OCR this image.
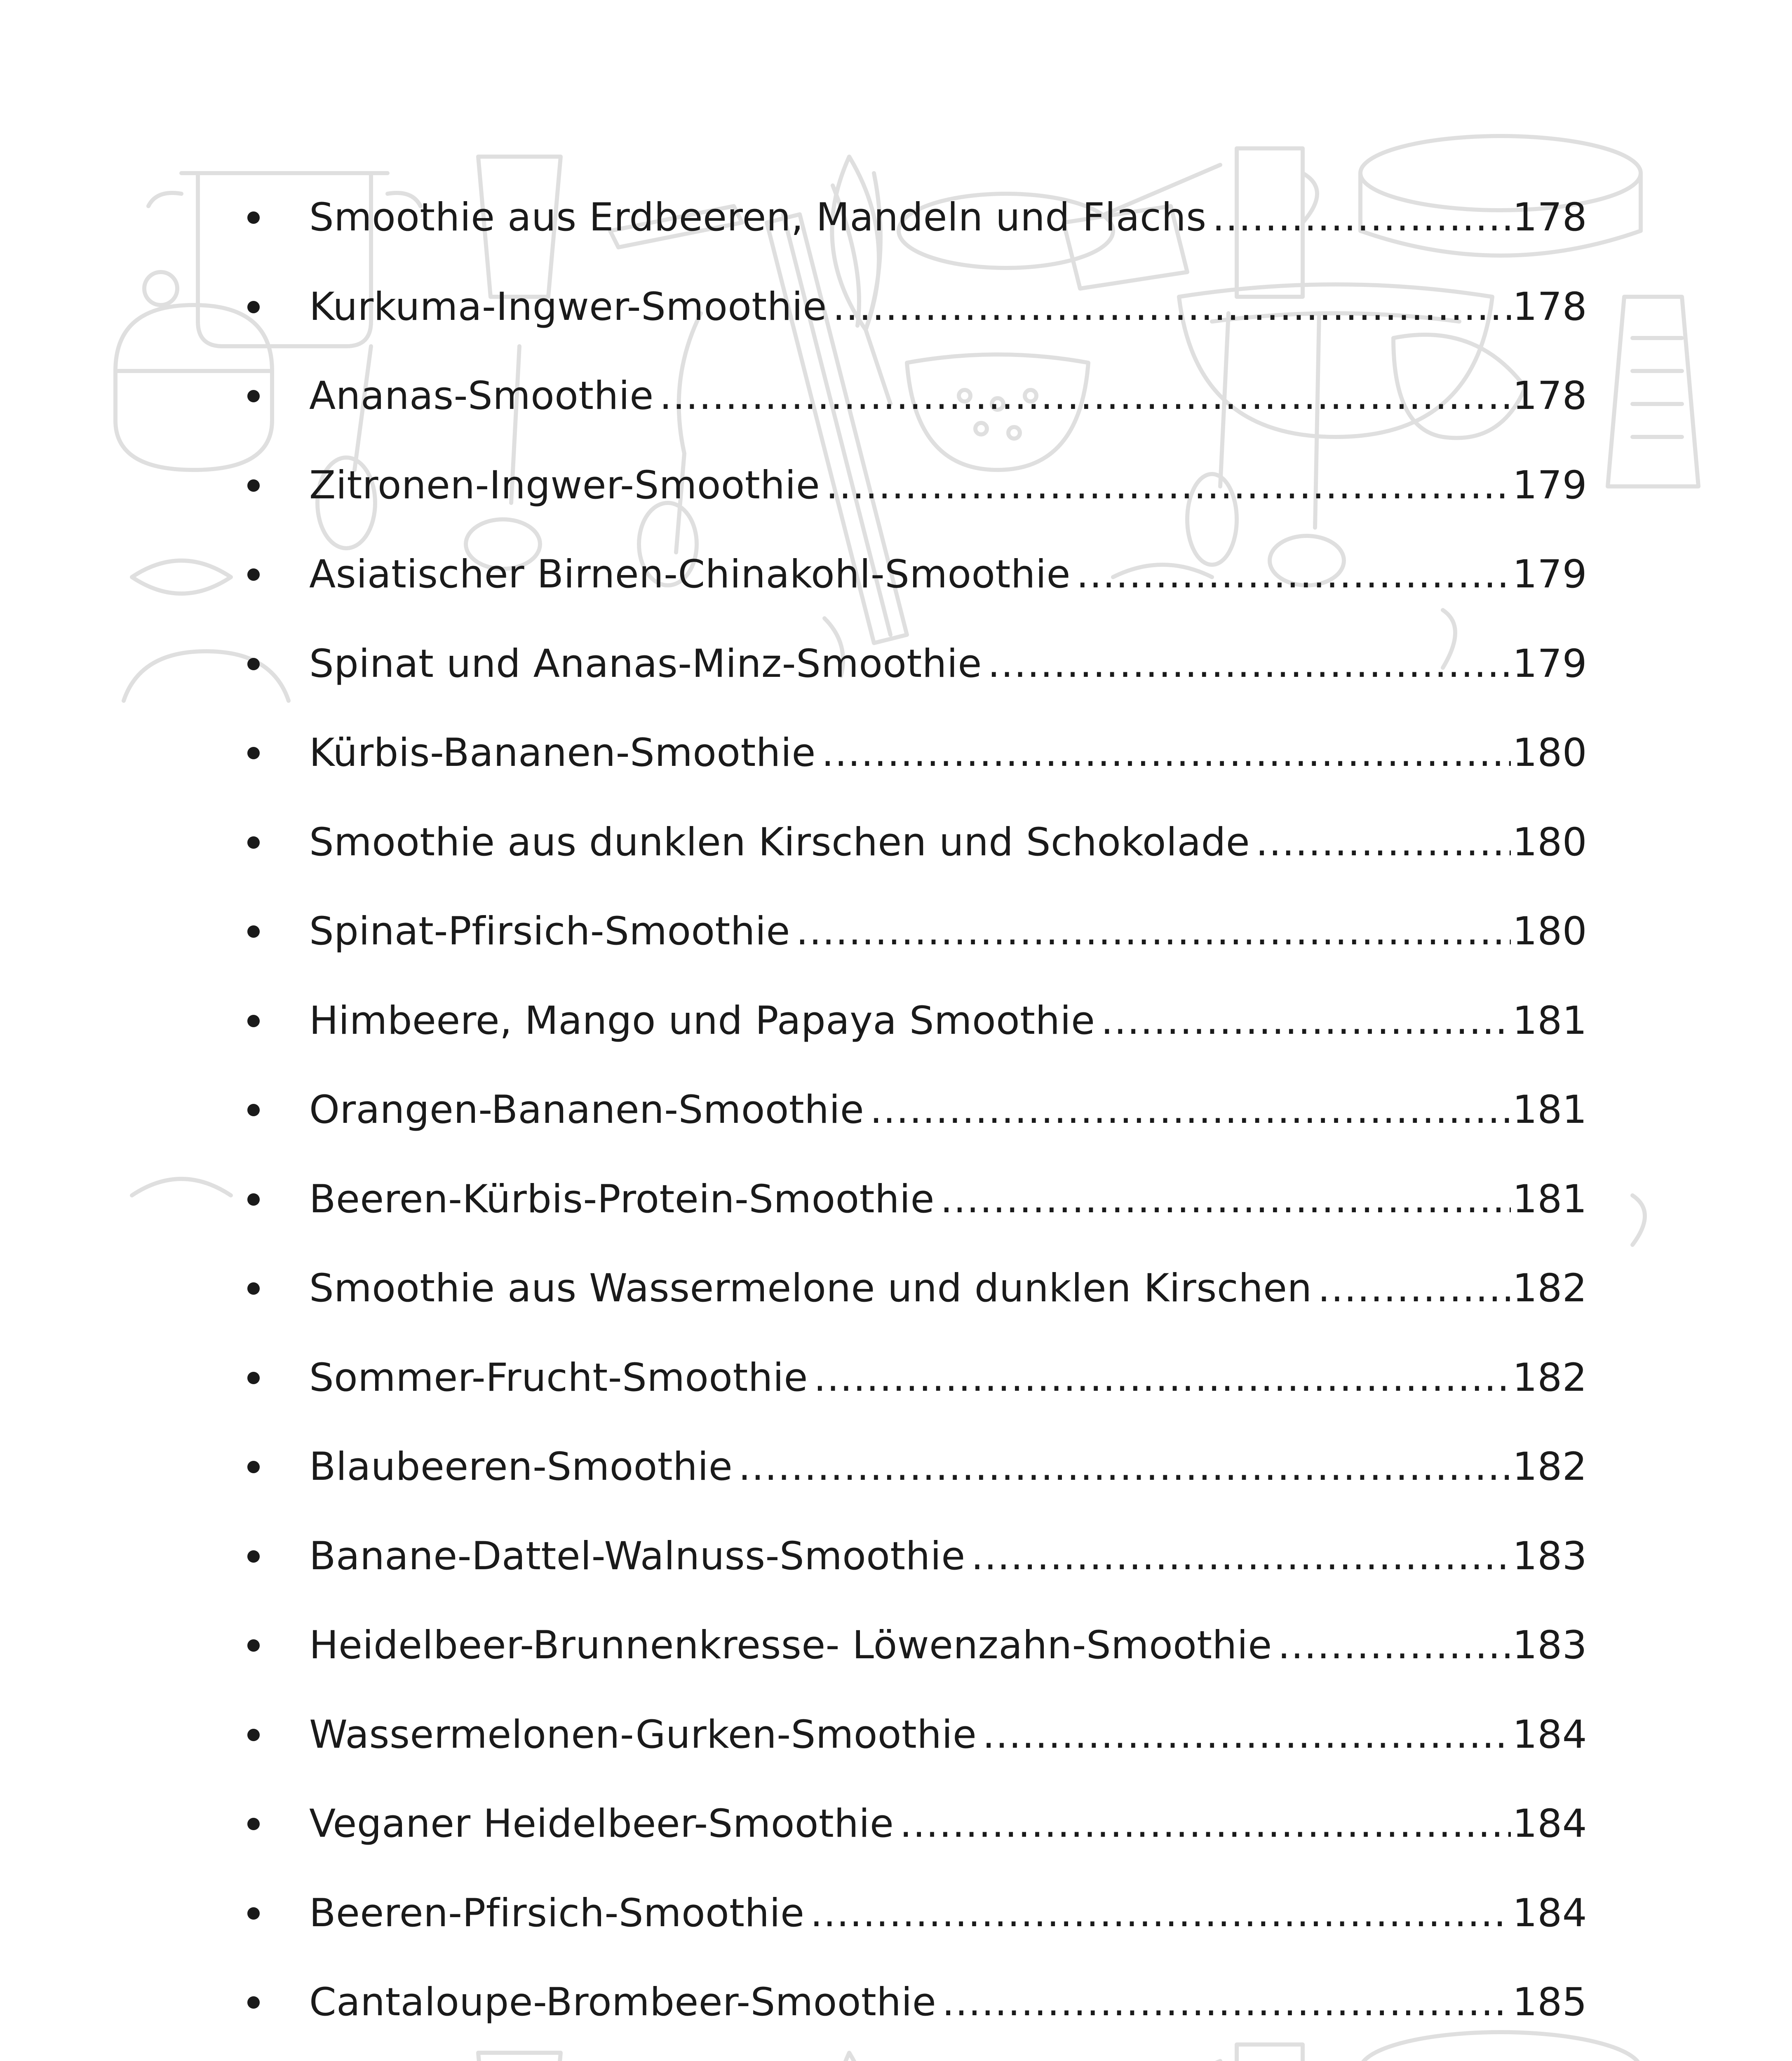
Smoothie aus Erdbeeren, Mandeln und Flachs .....	178
Kurkuma-Ingwer-Smoothie .....	178
Ananas-Smoothie .....	178
Zitronen-Ingwer-Smoothie .....	179
Asiatischer Birnen-Chinakohl-Smoothie .....	179
Spinat und Ananas-Minz-Smoothie .....	179
Kürbis-Bananen-Smoothie .....	180
Smoothie aus dunklen Kirschen und Schokolade .....	180
Spinat-Pfirsich-Smoothie .....	180
Himbeere, Mango und Papaya Smoothie .....	181
Orangen-Bananen-Smoothie .....	181
Beeren-Kürbis-Protein-Smoothie .....	181
Smoothie aus Wassermelone und dunklen Kirschen .....	182
Sommer-Frucht-Smoothie .....	182
Blaubeeren-Smoothie .....	182
Banane-Dattel-Walnuss-Smoothie .....	183
Heidelbeer-Brunnenkresse- Löwenzahn-Smoothie .....	183
Wassermelonen-Gurken-Smoothie .....	184
Veganer Heidelbeer-Smoothie .....	184
Beeren-Pfirsich-Smoothie .....	184
Cantaloupe-Brombeer-Smoothie .....	185
